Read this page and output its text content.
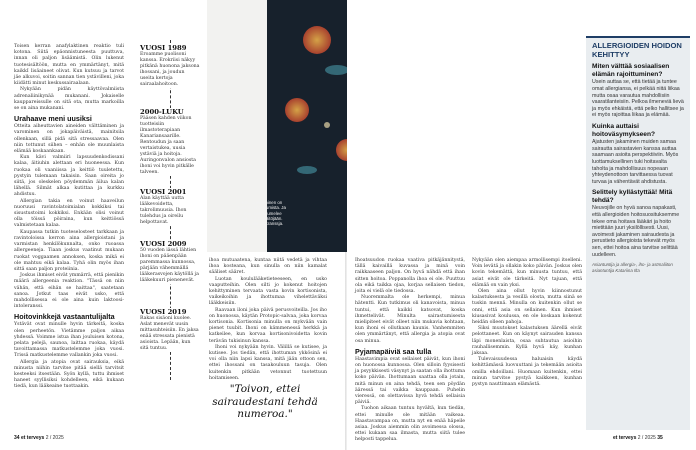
Toisen kerran anafylaktinen reaktio tuli kotona. Siitä epäonnistuneesta puuttuva, innan oli paljon lisäämistä. Olin lukenut tuotesisältöön, mutta en ymmärtänyt, mitä kaikkI lisäaineet olivat. Kun kutsuu ja tarvot jäe alkuvoi, soitin sannan tien ystävilleni, joka kiidätti minut keskussairaalaan.

Nykyään pidän käyttövalmiista adrenaliinikynää mukanani. Jokaiselle kauppareissulle on sitä ota, mutta markoilla se on aina mukanani.

Urahaave meni uusiksi

Otteita aiheuttavien aineiden välttäminen ja varominen on jokapäiväistä, mainitsila ollenkaan, sillä pidä sitä stressaavaa. Olen niin tottunut siihen – enhän ole muunlaista elämää koskaankaan.

Kun kävi valmiiri lapsuudenkodissani kalaa, äitiuhin alettaan eri huoneessa. Kun ruokaa oli vaaniissa ja keittiö tuuletettu, pystyin tulemaan takaisin. Saan oireita jo siitä, jos oleskelen pöydemmän äilua kalan lähellä. Silmät alkaa kutittaa ja kurkku ahdistuu.

Allergian takia en voinut haaveilun nuoruusi ravintolatoimialan kokkiksi tai sisustustoimi kokkiksi. Enkään olisi voinut olla töissä pöiraina, kun keittiössä valmistetaan kalaa.

Kaupassa tutkin tuoteselosteet tarkkaan ja ravintoloissa kerron aina allergioistani ja varmistan henkilökunnalta, onko ruoassa allergeeneja. Tiaan joskus vaatinut mukaan ruokat voggaamen annoksen, koska mikä ei ole mahtuu eikä kalaa. Tyhä olin myös ihan sittä saan paljon proteiinia.

Joskus ihmiset eivät ymmärrä, että pienikin määrä allergeenia reaktion. "Tässä on niin vähän, että eihän se haittaa", saatetaan sanoa. Jotkut taas eivät usko, että mahdollisessa ei ole aina kuin laktoosi-intoleranssi.

Hoitovinkkejä vastaantulijalta

Ystävät ovat minulle hyvin tärkeitä, koska olen perheetön. Vietämme paljon aikaa yhdessä. Voimme istua ihan jouluisen kotona, pelata pelejä, saunoa, laittaa ruokaa, käydä tavoittamassa matkustelemme joka vuosi. Trissä matkustelemme vallankin joka vuosi.

Allergia ja atopia ovat sairauksia, eikä minusta niihin tarvitse pitää siellä tarvitsit kesteeksi itsestään. Syön kyllä, tuttu ihmiset haneet syyllisiksi kohdelleen, eikä kukaan tiedä, kun lääkeaine tuottaakin.

VUOSI 1989
Eroamme puolisoni kanssa. Erokriisi näkyy pitkänä huonona jaksona ihossani, ja joudun useita kertoja sairaalahoitoon.
2000-LUKU
Pääsen kahden viikon tuotteisiin ilmastoterapiaan Kanariansaarille. Rentoudun ja saan vertaistukea, uusia ystäviä ja hoitoja. Auringonvalon ansiosta ihoni voi hyvin pitkälle talveen.
VUOSI 2001
Alan käyttää uutta lääkevoidetta, takrolimuusia. Ihon tulehdus ja oireilu helpottavat.
VUOSI 2009
50 vuoden iässä lähtien ihoni on pääenpään paremmassa kunnossa, pärjään vähemmällä lääkerasvojen käytöllä ja lääkekuuri pienenevät.
VUOSI 2019
Rakas sisäoni kuolee. Aslat menevät uusin mittasuhteisiin. En jaksa enää stressata pienistä asioista. Lepään, kun sitä tuntuu.

ihoa mutuaatena, kuntaa niitä vedetä ja vihtaa ihoa kosteana, kun sinulla on niin kamalat sääliset sääret.

Luotan koululääketieteeseen, en usko vaaputteihin. Olen silti jo kokenut hoitojen kehittyminen tervaata vasta kovin kortisonista, vaikeikoihin ja ihottumaa vihelettäväksi lääkkeisiin.

Raavaan iloni joka päivä perusvoiteilla. Jos iho on huonossa, käytän Protopic-salvaa, joka korvaa kortisonia. Kortisonia minulla on mykvään vain pienet tuubit. Ihoni on kämmenessä herkkä ja katkeilee, kun korvaa kortisonivoidetta kovin terävän tukisinun kanssa.

Ihoni voi nykyään hyvin. Välillä se kutisee, ja kutisee. Jos tiedän, että ihottuman ykkösinä ei voi olla niin lapsi kanssa, mitä jään ottoon sen, ettei ihossani on tasakouluun tasuja. Olen kuitenkin pitkään vetonnut tuotettuun hoitamiseen.

"Toivon, ettei sairaudestani tehdä numeroa."
34 et terveys 2 / 2025
Käsillä tekeminen on Kikalle rentoutumista. Ja usein hän kuumelee samalla läsnäitöjään. Työn alla on kranssja.

Ihoatsuudon ruokaa vaativa pitkäjännitystä, tällä kaivaillä kuvassa ja minä voin raikkaaseen paljon. On hyvä nähdä että ihan sitten hoitoa. Poppanolla ihoa ei ole. Puuttuu ola eikä taikka ojaa, korjaa sellaisen tiedon, joita ei vielä ole tiedossa.

Nuoremmalta ole herkempi, minua hätentti. Kun tutkimus oli kanavoista, minua tuntui, että kaikki katsovat, koska ihmettelivät. Minulta sairastumisesta mielipiteet eivät olleet niin mukavia kohtaan, kun ihoni ei ollutkaan kaunis. Vanhemmiten olen ymmärtänyt, että allergia ja atopia ovat osa minua.

Pyjamapäiviä saa tulla

Haastavimpia ovat sellaiset päivät, kun ihoni on huonossa kunnossa. Olen silloin fyysisesti ja psyykkisesti väsynyt ja saatan olla ihottuma koko päivän. Ihottumaan saattaa olla jotain, mitä minun on aina tehdä, teen sen pöydän ääressä tai vaikka kauppaan. Puhelin vieressä, on olettavissa hyvä tehdä sellaisia päiviä.

Tuohon aikaan tuntuu hyvältä, kun tiedän, ettei minulle ole mitään vaikeaa. Haastavampaa on, mutta nyt en enää häpeile asiaa. Joskus aiemmin olin avoimessa olossa, ettei kukaan saa ilmasta, mutta siitä tulee helposti tappelua.

Nykyään olen aiempaa armollisempi itselleni. Voin levätä ja ollakin koko päivän. Joskus olen kovin tekemättä, kun minusta tuntuu, että asiat eivät ole tärkeitä. Nyt tajuan, että elämää on vain yksi.

Olen aina ollut hyvin kiinnostunut kalastuksesta ja vesillä olosta, mutta siinä se tuskin mennä. Minulla on kuitenkin ollut se onni, että asia on sellainen. Kun ihmiset kiusasivat koulussa, en ole koskaan kokenut heidän olleen pahoja.

Siksi muutokset kalastuksen äärellä eivät pelottaneet. Kun on käynyt sairauden kanssa läpi monenlaista, osaa suhtautua asioihin rauhallisemmin. Kyllä hyvä käy, kunhan jaksaa.

Tulevaisuudessa haluaisin käydä kehittämässä luovuuttani ja tekemään asioita omilla ehdoillani. Huomaan kuitenkin, ettei minun tarvitse pystyä kaikkeen, kunhan pystyn nauttimaan elämästä.

et terveys 2 / 2025 35
ALLERGIOIDEN HOIDON KEHITTYY
Miten välttää sosiaalisen elämän rajoittuminen?
Usein auttaa se, että tietää ja tuntee omat allergiansa, ei pelkää niitä liikaa mutta osaa varautua mahdollisiin vaaratilanteisiin. Pelkoa ilmeneviä lievä ja myös ehkäistä, että pelko hallitsee ja ei myös rajoittaa liikaa ja elämää.
Kuinka auttaisi hoitoväsymykseen?
Ajatusten jakaminen muiden samaa sairautta sairastavien kanssa auttaa saamaan asioita perspektiiviin. Myös luottamuksellinen tuki hoitavalta taholta ja mahdollisuus nopeaan yhteydenottoon tarvittaessa tuovat turvaa ja vähentävät ahdistusta.
Selittely kyllästyttää! Mitä tehdä?
Neuvojille on hyvä sanoa napakasti, että allergioiden hoitosuosituksemme tekee oma hoitava lääkäri ja hoito mietitään juuri yksilöllisesti. Uusi, avoimesti jakaminen sairaudesta ja perustieto allergioista tekevät myös sen, ettei hoitoa aina tarvitse selittää uudelleen.
Asiantuntija ja allergia-, iho- ja astmaliiton asiantuntija Katariina Ilta
